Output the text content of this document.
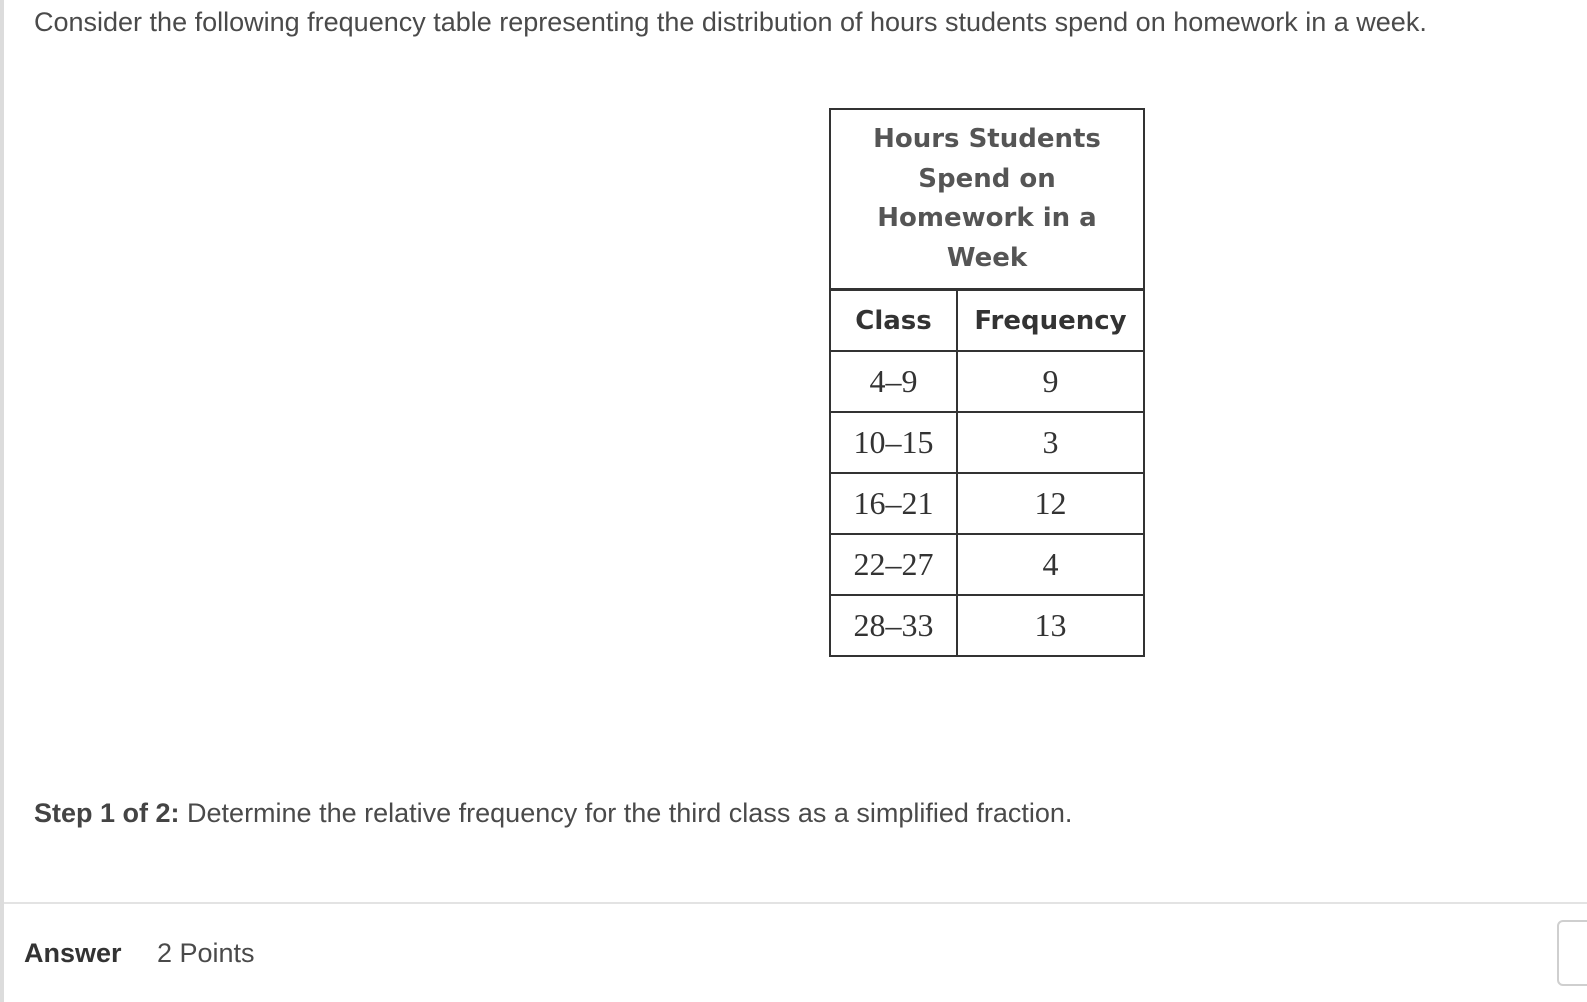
Consider the following frequency table representing the distribution of hours students spend on homework in a week.
Hours Students Spend on Homework in a Week	
Class	Frequency
4–9	9
10–15	3
16–21	12
22–27	4
28–33	13
Step 1 of 2: Determine the relative frequency for the third class as a simplified fraction.
Answer 2 Points
